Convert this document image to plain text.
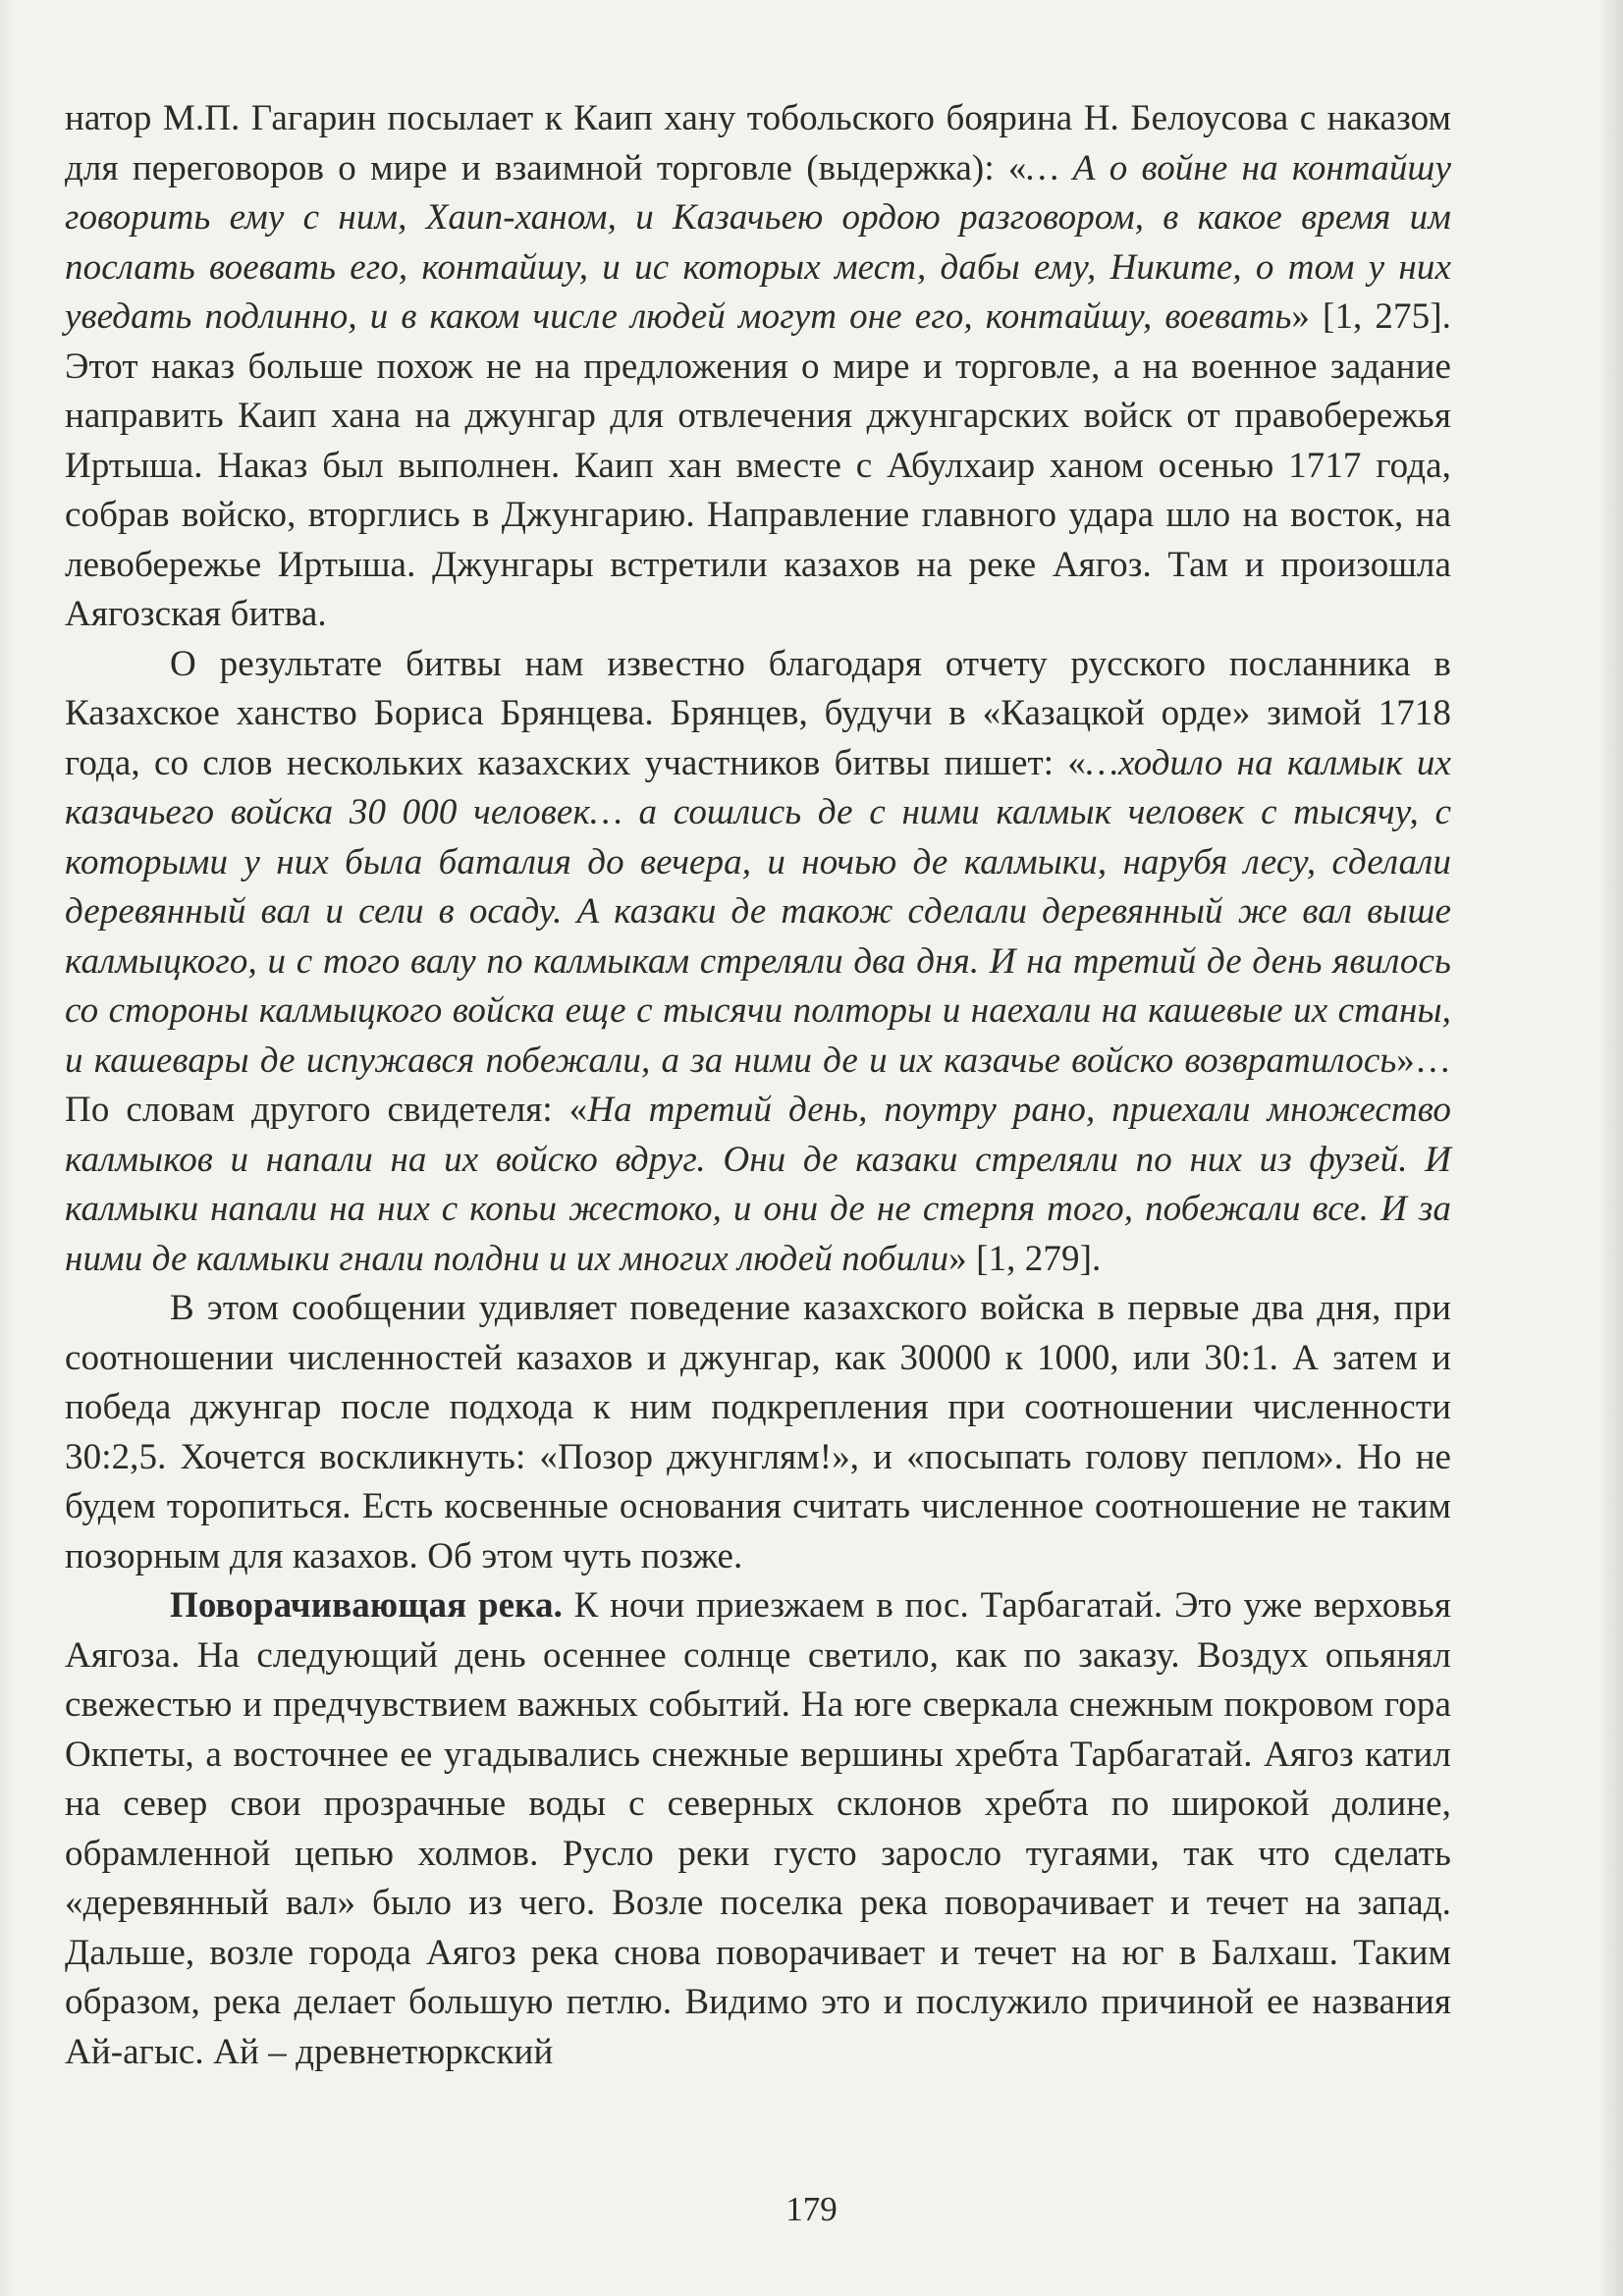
натор М.П. Гагарин посылает к Каип хану тобольского боярина Н. Белоусова с наказом для переговоров о мире и взаимной торговле (выдержка): «… А о войне на контайшу говорить ему с ним, Хаип-ханом, и Казачьею ордою разговором, в какое время им послать воевать его, контайшу, и ис которых мест, дабы ему, Никите, о том у них уведать подлинно, и в каком числе людей могут оне его, контайшу, воевать» [1, 275]. Этот наказ больше похож не на предложения о мире и торговле, а на военное задание направить Каип хана на джунгар для отвлечения джунгарских войск от правобережья Иртыша. Наказ был выполнен. Каип хан вместе с Абулхаир ханом осенью 1717 года, собрав войско, вторглись в Джунгарию. Направление главного удара шло на восток, на левобережье Иртыша. Джунгары встретили казахов на реке Аягоз. Там и произошла Аягозская битва.

О результате битвы нам известно благодаря отчету русского посланника в Казахское ханство Бориса Брянцева. Брянцев, будучи в «Казацкой орде» зимой 1718 года, со слов нескольких казахских участников битвы пишет: «…ходило на калмык их казачьего войска 30 000 человек… а сошлись де с ними калмык человек с тысячу, с которыми у них была баталия до вечера, и ночью де калмыки, нарубя лесу, сделали деревянный вал и сели в осаду. А казаки де також сделали деревянный же вал выше калмыцкого, и с того валу по калмыкам стреляли два дня. И на третий де день явилось со стороны калмыцкого войска еще с тысячи полторы и наехали на кашевые их станы, и кашевары де испужався побежали, а за ними де и их казачье войско возвратилось»… По словам другого свидетеля: «На третий день, поутру рано, приехали множество калмыков и напали на их войско вдруг. Они де казаки стреляли по них из фузей. И калмыки напали на них с копьи жестоко, и они де не стерпя того, побежали все. И за ними де калмыки гнали полдни и их многих людей побили» [1, 279].

В этом сообщении удивляет поведение казахского войска в первые два дня, при соотношении численностей казахов и джунгар, как 30000 к 1000, или 30:1. А затем и победа джунгар после подхода к ним подкрепления при соотношении численности 30:2,5. Хочется воскликнуть: «Позор джунглям!», и «посыпать голову пеплом». Но не будем торопиться. Есть косвенные основания считать численное соотношение не таким позорным для казахов. Об этом чуть позже.

Поворачивающая река. К ночи приезжаем в пос. Тарбагатай. Это уже верховья Аягоза. На следующий день осеннее солнце светило, как по заказу. Воздух опьянял свежестью и предчувствием важных событий. На юге сверкала снежным покровом гора Окпеты, а восточнее ее угадывались снежные вершины хребта Тарбагатай. Аягоз катил на север свои прозрачные воды с северных склонов хребта по широкой долине, обрамленной цепью холмов. Русло реки густо заросло тугаями, так что сделать «деревянный вал» было из чего. Возле поселка река поворачивает и течет на запад. Дальше, возле города Аягоз река снова поворачивает и течет на юг в Балхаш. Таким образом, река делает большую петлю. Видимо это и послужило причиной ее названия Ай-агыс. Ай – древнетюркский

179
